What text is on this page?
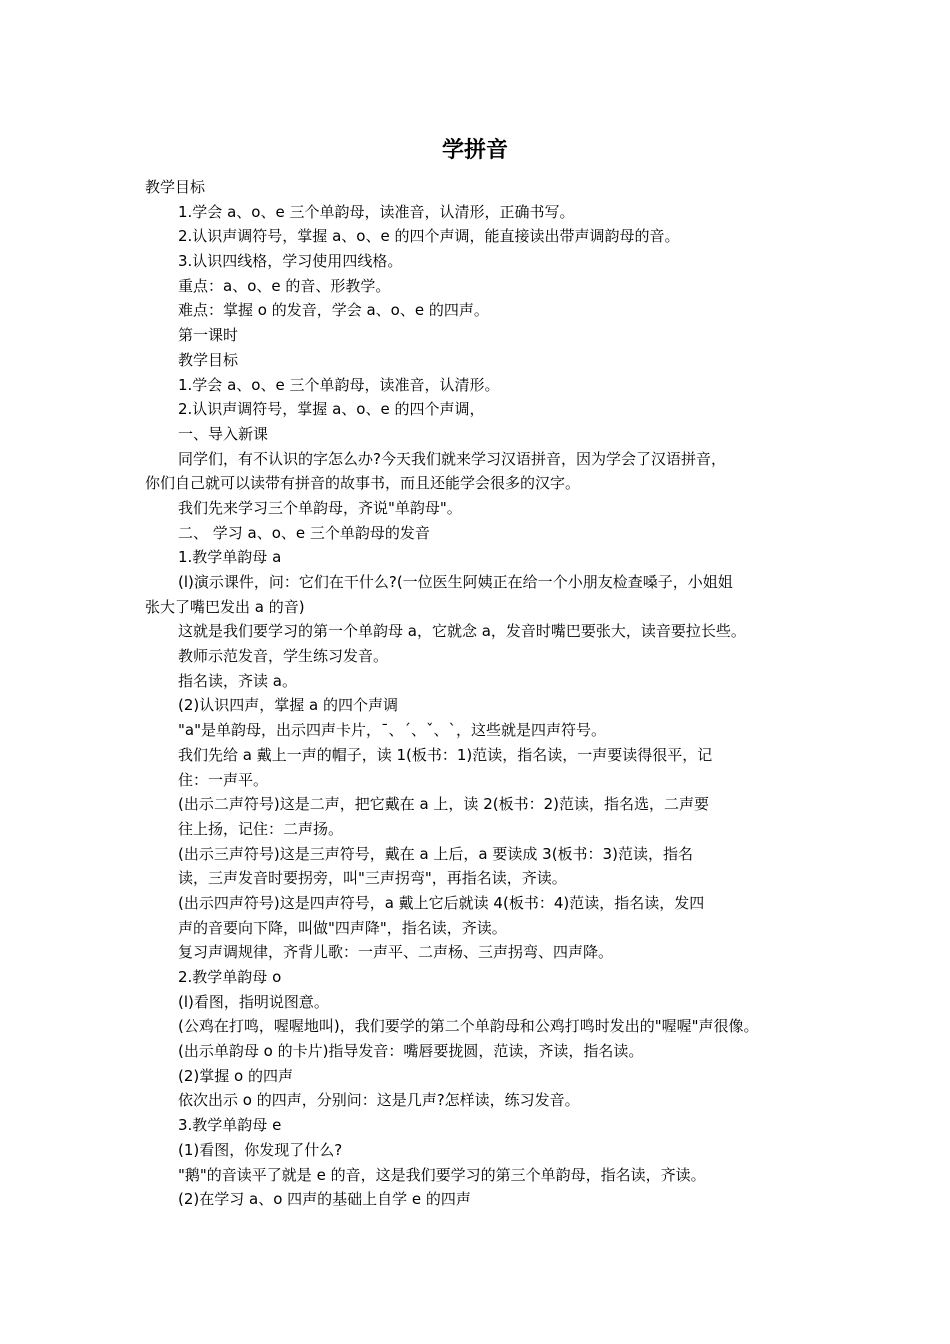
学拼音
教学目标
1.学会 a、o、e 三个单韵母，读准音，认清形，正确书写。
2.认识声调符号，掌握 a、o、e 的四个声调，能直接读出带声调韵母的音。
3.认识四线格，学习使用四线格。
重点：a、o、e 的音、形教学。
难点：掌握 o 的发音，学会 a、o、e 的四声。
第一课时
教学目标
1.学会 a、o、e 三个单韵母，读准音，认清形。
2.认识声调符号，掌握 a、o、e 的四个声调，
一、导入新课
同学们，有不认识的字怎么办?今天我们就来学习汉语拼音，因为学会了汉语拼音，
你们自己就可以读带有拼音的故事书，而且还能学会很多的汉字。
我们先来学习三个单韵母，齐说"单韵母"。
二、 学习 a、o、e 三个单韵母的发音
1.教学单韵母 a
(l)演示课件，问：它们在干什么?(一位医生阿姨正在给一个小朋友检查嗓子，小姐姐
张大了嘴巴发出 a 的音)
这就是我们要学习的第一个单韵母 a，它就念 a，发音时嘴巴要张大，读音要拉长些。
教师示范发音，学生练习发音。
指名读，齐读 a。
(2)认识四声，掌握 a 的四个声调
"a"是单韵母，出示四声卡片，ˉ、ˊ、ˇ、ˋ，这些就是四声符号。
我们先给 a 戴上一声的帽子，读 1(板书：1)范读，指名读，一声要读得很平，记
住：一声平。
(出示二声符号)这是二声，把它戴在 a 上，读 2(板书：2)范读，指名选，二声要
往上扬，记住：二声扬。
(出示三声符号)这是三声符号，戴在 a 上后，a 要读成 3(板书：3)范读，指名
读，三声发音时要拐旁，叫"三声拐弯"，再指名读，齐读。
(出示四声符号)这是四声符号，a 戴上它后就读 4(板书：4)范读，指名读，发四
声的音要向下降，叫做"四声降"，指名读，齐读。
复习声调规律，齐背儿歌：一声平、二声杨、三声拐弯、四声降。
2.教学单韵母 o
(l)看图，指明说图意。
(公鸡在打鸣，喔喔地叫)，我们要学的第二个单韵母和公鸡打鸣时发出的"喔喔"声很像。
(出示单韵母 o 的卡片)指导发音：嘴唇要拢圆，范读，齐读，指名读。
(2)掌握 o 的四声
依次出示 o 的四声，分别问：这是几声?怎样读，练习发音。
3.教学单韵母 e
(1)看图，你发现了什么?
"鹅"的音读平了就是 e 的音，这是我们要学习的第三个单韵母，指名读，齐读。
(2)在学习 a、o 四声的基础上自学 e 的四声
